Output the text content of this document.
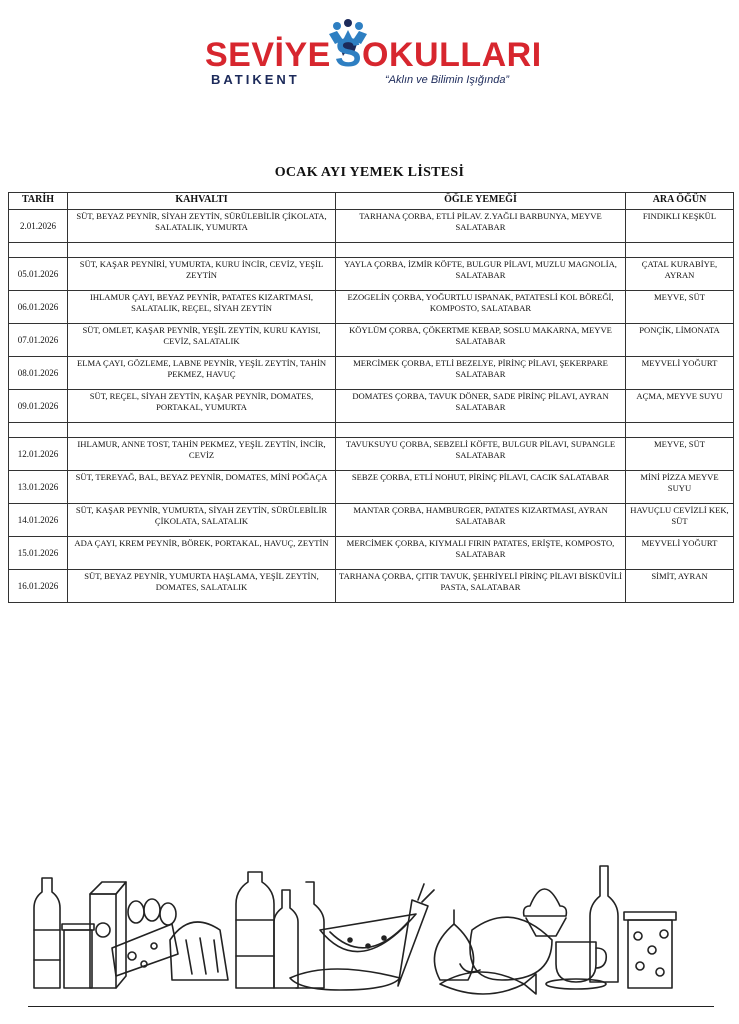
SEVİYE SOKULLARI
BATIKENT	“Aklın ve Bilimin Işığında”
OCAK AYI YEMEK LİSTESİ
TARİH	KAHVALTI	ÖĞLE YEMEĞİ	ARA ÖĞÜN
2.01.2026	SÜT, BEYAZ PEYNİR, SİYAH ZEYTİN, SÜRÜLEBİLİR ÇİKOLATA, SALATALIK, YUMURTA	TARHANA ÇORBA, ETLİ PİLAV. Z.YAĞLI BARBUNYA, MEYVE SALATABAR	FINDIKLI KEŞKÜL

05.01.2026	SÜT, KAŞAR PEYNİRİ, YUMURTA, KURU İNCİR, CEVİZ, YEŞİL ZEYTİN	YAYLA ÇORBA, İZMİR KÖFTE, BULGUR PİLAVI, MUZLU MAGNOLİA, SALATABAR	ÇATAL KURABİYE, AYRAN
06.01.2026	IHLAMUR ÇAYI, BEYAZ PEYNİR, PATATES KIZARTMASI, SALATALIK, REÇEL, SİYAH ZEYTİN	EZOGELİN ÇORBA, YOĞURTLU ISPANAK, PATATESLİ KOL BÖREĞİ, KOMPOSTO, SALATABAR	MEYVE, SÜT
07.01.2026	SÜT, OMLET, KAŞAR PEYNİR, YEŞİL ZEYTİN, KURU KAYISI, CEVİZ, SALATALIK	KÖYLÜM ÇORBA, ÇÖKERTME KEBAP, SOSLU MAKARNA, MEYVE SALATABAR	PONÇİK, LİMONATA
08.01.2026	ELMA ÇAYI, GÖZLEME, LABNE PEYNİR, YEŞİL ZEYTİN, TAHİN PEKMEZ, HAVUÇ	MERCİMEK ÇORBA, ETLİ BEZELYE, PİRİNÇ PİLAVI, ŞEKERPARE SALATABAR	MEYVELİ YOĞURT
09.01.2026	SÜT, REÇEL, SİYAH ZEYTİN, KAŞAR PEYNİR, DOMATES, PORTAKAL, YUMURTA	DOMATES ÇORBA, TAVUK DÖNER, SADE PİRİNÇ PİLAVI, AYRAN SALATABAR	AÇMA, MEYVE SUYU

12.01.2026	IHLAMUR, ANNE TOST, TAHİN PEKMEZ, YEŞİL ZEYTİN, İNCİR, CEVİZ	TAVUKSUYU ÇORBA, SEBZELİ KÖFTE, BULGUR PİLAVI, SUPANGLE SALATABAR	MEYVE, SÜT
13.01.2026	SÜT, TEREYAĞ, BAL, BEYAZ PEYNİR, DOMATES, MİNİ POĞAÇA	SEBZE ÇORBA, ETLİ NOHUT, PİRİNÇ PİLAVI, CACIK SALATABAR	MİNİ PİZZA MEYVE SUYU
14.01.2026	SÜT, KAŞAR PEYNİR, YUMURTA, SİYAH ZEYTİN, SÜRÜLEBİLİR ÇİKOLATA, SALATALIK	MANTAR ÇORBA, HAMBURGER, PATATES KIZARTMASI, AYRAN SALATABAR	HAVUÇLU CEVİZLİ KEK, SÜT
15.01.2026	ADA ÇAYI, KREM PEYNİR, BÖREK, PORTAKAL, HAVUÇ, ZEYTİN	MERCİMEK ÇORBA, KIYMALI FIRIN PATATES, ERİŞTE, KOMPOSTO, SALATABAR	MEYVELİ YOĞURT
16.01.2026	SÜT, BEYAZ PEYNİR, YUMURTA HAŞLAMA, YEŞİL ZEYTİN, DOMATES, SALATALIK	TARHANA ÇORBA, ÇITIR TAVUK, ŞEHRİYELİ PİRİNÇ PİLAVI BİSKÜVİLİ PASTA, SALATABAR	SİMİT, AYRAN
